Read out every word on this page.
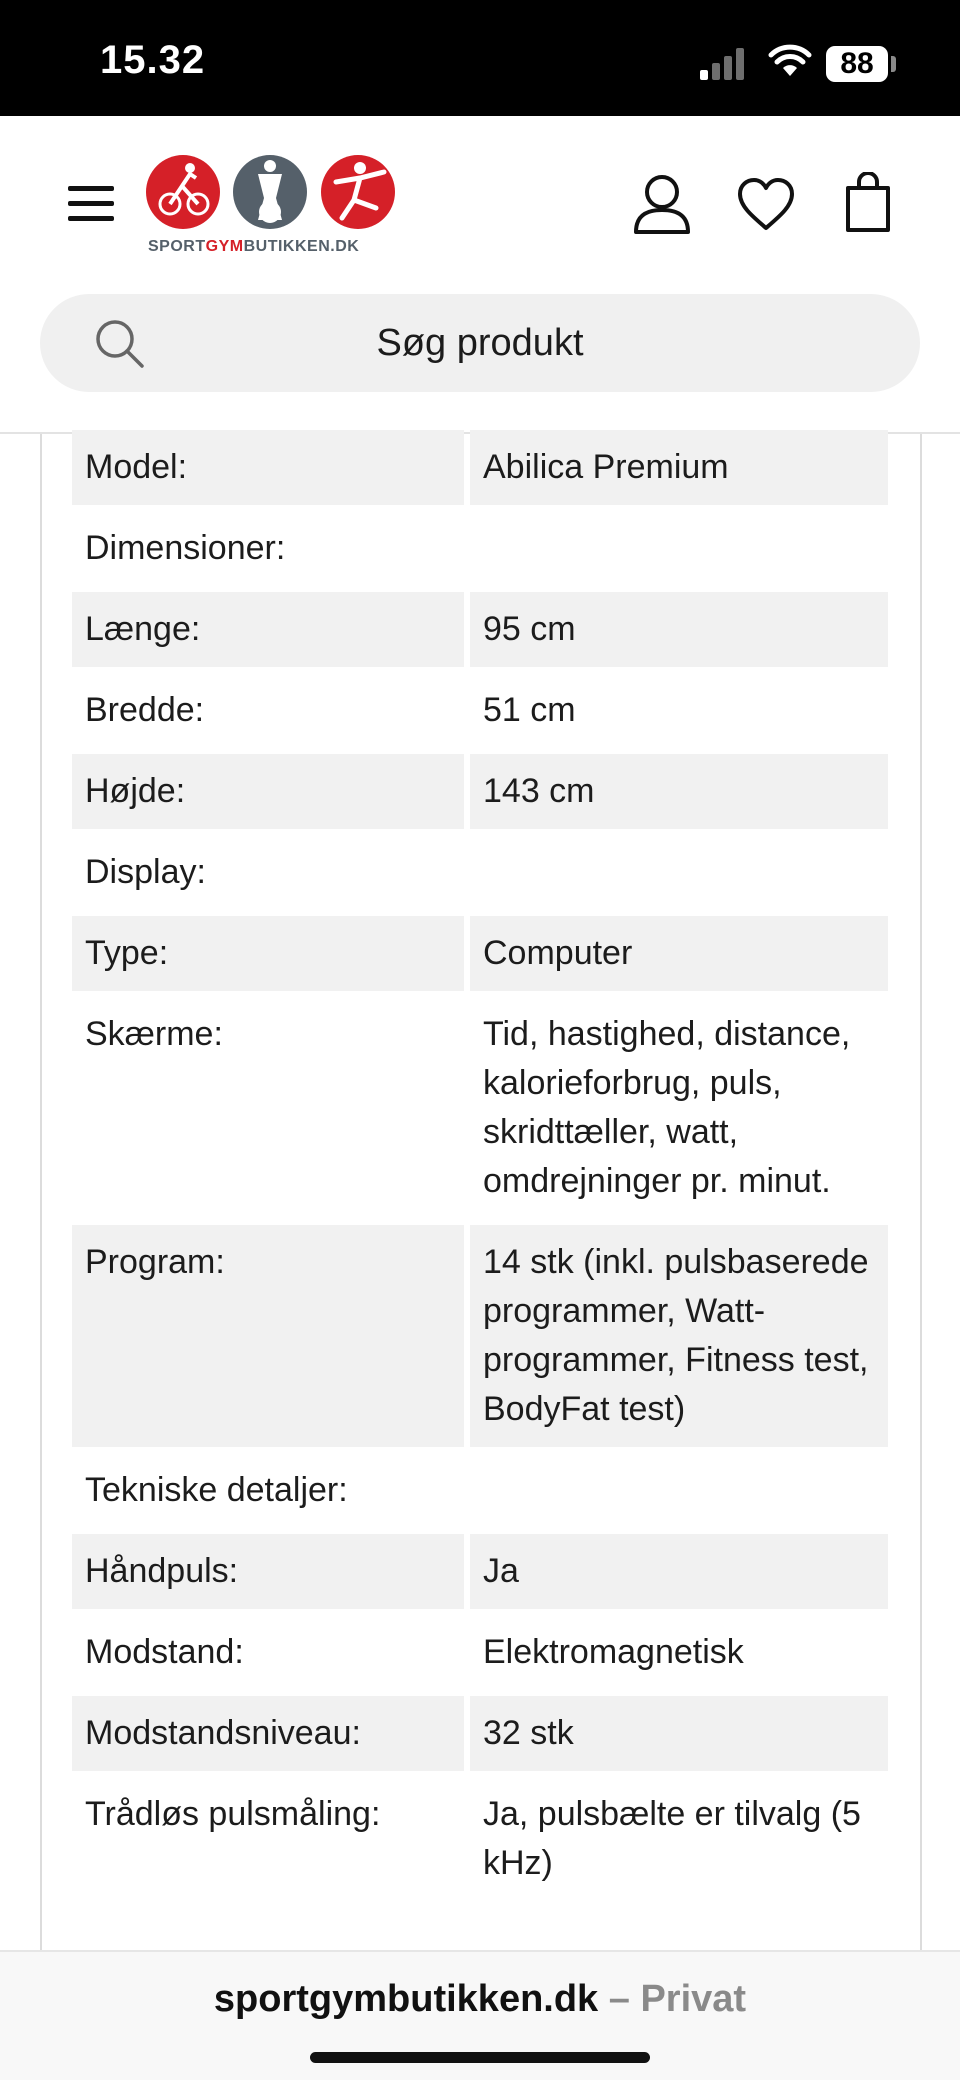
15.32	88
SPORTGYMBUTIKKEN.DK
Søg produkt
Model:	Abilica Premium
Dimensioner:
Længe:	95 cm
Bredde:	51 cm
Højde:	143 cm
Display:
Type:	Computer
Skærme:	Tid, hastighed, distance, kalorieforbrug, puls, skridttæller, watt, omdrejninger pr. minut.
Program:	14 stk (inkl. pulsbaserede programmer, Watt-programmer, Fitness test, BodyFat test)
Tekniske detaljer:
Håndpuls:	Ja
Modstand:	Elektromagnetisk
Modstandsniveau:	32 stk
Trådløs pulsmåling:	Ja, pulsbælte er tilvalg (5 kHz)
sportgymbutikken.dk – Privat
